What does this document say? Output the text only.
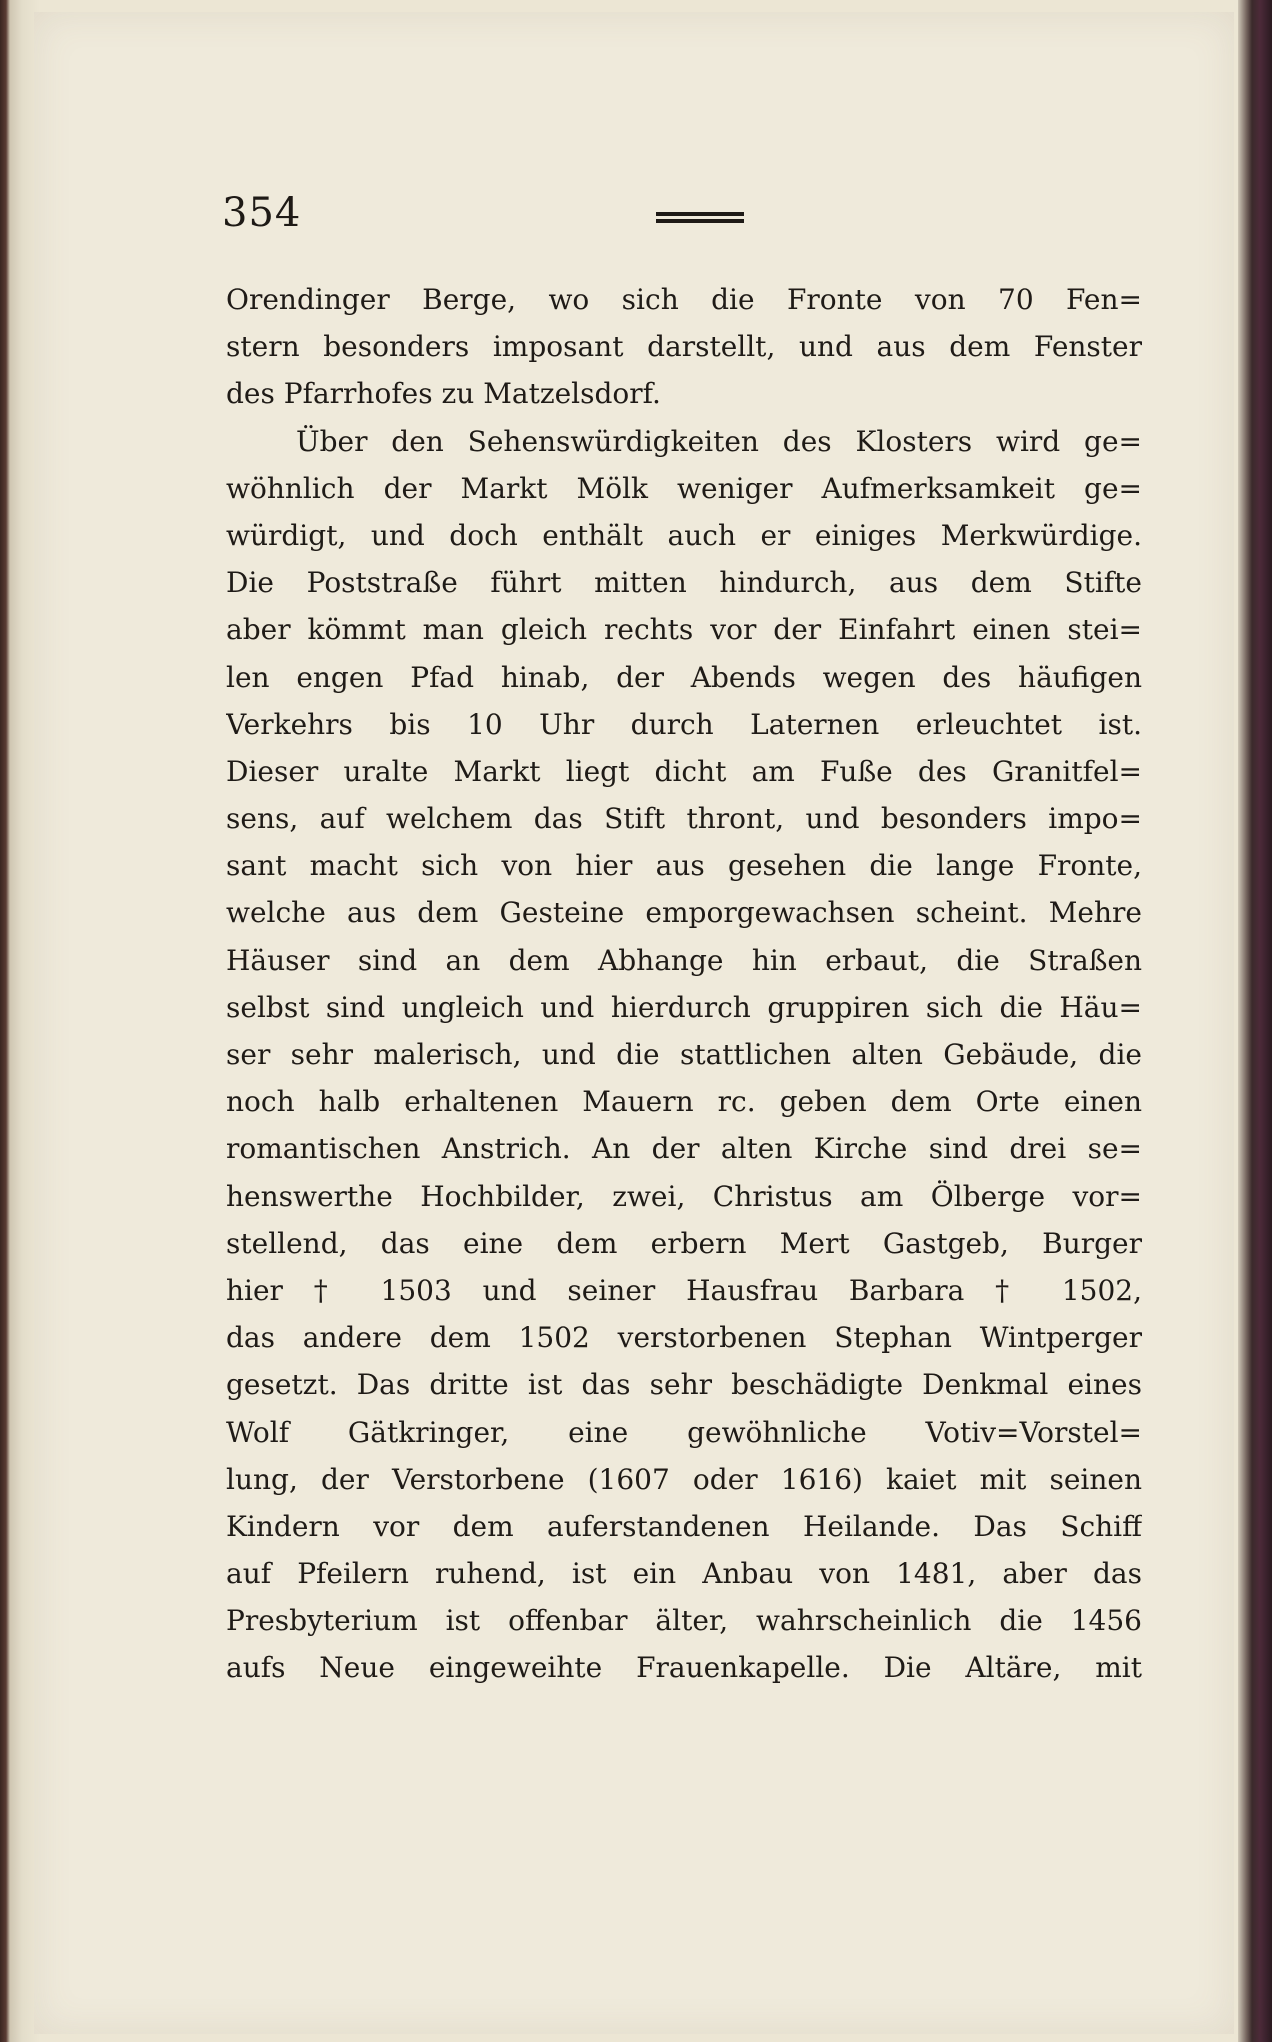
354
Orendinger Berge, wo sich die Fronte von 70 Fen=
stern besonders imposant darstellt, und aus dem Fenster
des Pfarrhofes zu Matzelsdorf.
Über den Sehenswürdigkeiten des Klosters wird ge=
wöhnlich der Markt Mölk weniger Aufmerksamkeit ge=
würdigt, und doch enthält auch er einiges Merkwürdige.
Die Poststraße führt mitten hindurch, aus dem Stifte
aber kömmt man gleich rechts vor der Einfahrt einen stei=
len engen Pfad hinab, der Abends wegen des häufigen
Verkehrs bis 10 Uhr durch Laternen erleuchtet ist.
Dieser uralte Markt liegt dicht am Fuße des Granitfel=
sens, auf welchem das Stift thront, und besonders impo=
sant macht sich von hier aus gesehen die lange Fronte,
welche aus dem Gesteine emporgewachsen scheint. Mehre
Häuser sind an dem Abhange hin erbaut, die Straßen
selbst sind ungleich und hierdurch gruppiren sich die Häu=
ser sehr malerisch, und die stattlichen alten Gebäude, die
noch halb erhaltenen Mauern rc. geben dem Orte einen
romantischen Anstrich. An der alten Kirche sind drei se=
henswerthe Hochbilder, zwei, Christus am Ölberge vor=
stellend, das eine dem erbern Mert Gastgeb, Burger
hier † 1503 und seiner Hausfrau Barbara † 1502,
das andere dem 1502 verstorbenen Stephan Wintperger
gesetzt. Das dritte ist das sehr beschädigte Denkmal eines
Wolf Gätkringer, eine gewöhnliche Votiv=Vorstel=
lung, der Verstorbene (1607 oder 1616) kaiet mit seinen
Kindern vor dem auferstandenen Heilande. Das Schiff
auf Pfeilern ruhend, ist ein Anbau von 1481, aber das
Presbyterium ist offenbar älter, wahrscheinlich die 1456
aufs Neue eingeweihte Frauenkapelle. Die Altäre, mit
